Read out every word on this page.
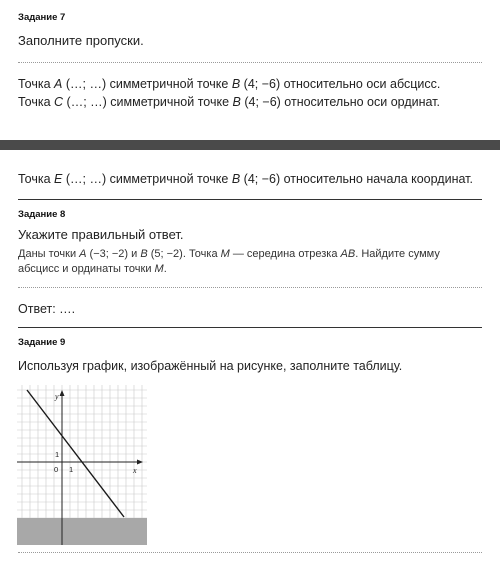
Задание 7
Заполните пропуски.
Точка A (…; …) симметричной точке B (4; −6) относительно оси абсцисс.
Точка C (…; …) симметричной точке B (4; −6) относительно оси ординат.
Точка E (…; …) симметричной точке B (4; −6) относительно начала координат.
Задание 8
Укажите правильный ответ.
Даны точки A (−3; −2) и B (5; −2). Точка M — середина отрезка AB. Найдите сумму абсцисс и ординаты точки M.
Ответ: ….
Задание 9
Используя график, изображённый на рисунке, заполните таблицу.
y
x
0 1
1
